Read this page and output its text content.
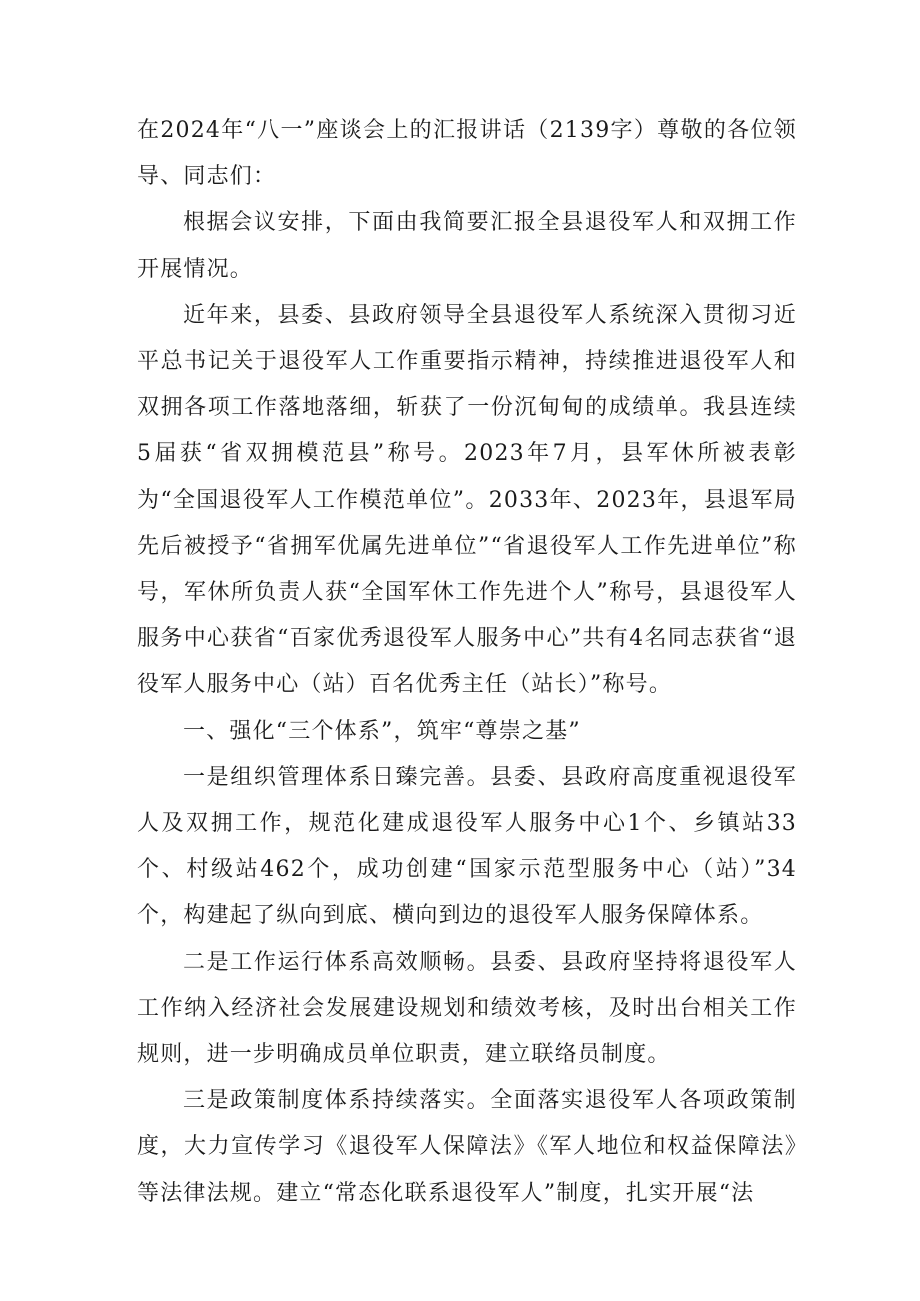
在2024年“八一”座谈会上的汇报讲话（2139字）尊敬的各位领导、同志们：

根据会议安排，下面由我简要汇报全县退役军人和双拥工作开展情况。

近年来，县委、县政府领导全县退役军人系统深入贯彻习近平总书记关于退役军人工作重要指示精神，持续推进退役军人和双拥各项工作落地落细，斩获了一份沉甸甸的成绩单。我县连续5届获“省双拥模范县”称号。2023年7月，县军休所被表彰为“全国退役军人工作模范单位”。2033年、2023年，县退军局先后被授予“省拥军优属先进单位”“省退役军人工作先进单位”称号，军休所负责人获“全国军休工作先进个人”称号，县退役军人服务中心获省“百家优秀退役军人服务中心”共有4名同志获省“退役军人服务中心（站）百名优秀主任（站长）”称号。

一、强化“三个体系”，筑牢“尊崇之基”

一是组织管理体系日臻完善。县委、县政府高度重视退役军人及双拥工作，规范化建成退役军人服务中心1个、乡镇站33个、村级站462个，成功创建“国家示范型服务中心（站）”34个，构建起了纵向到底、横向到边的退役军人服务保障体系。

二是工作运行体系高效顺畅。县委、县政府坚持将退役军人工作纳入经济社会发展建设规划和绩效考核，及时出台相关工作规则，进一步明确成员单位职责，建立联络员制度。

三是政策制度体系持续落实。全面落实退役军人各项政策制度，大力宣传学习《退役军人保障法》《军人地位和权益保障法》等法律法规。建立“常态化联系退役军人”制度，扎实开展“法
